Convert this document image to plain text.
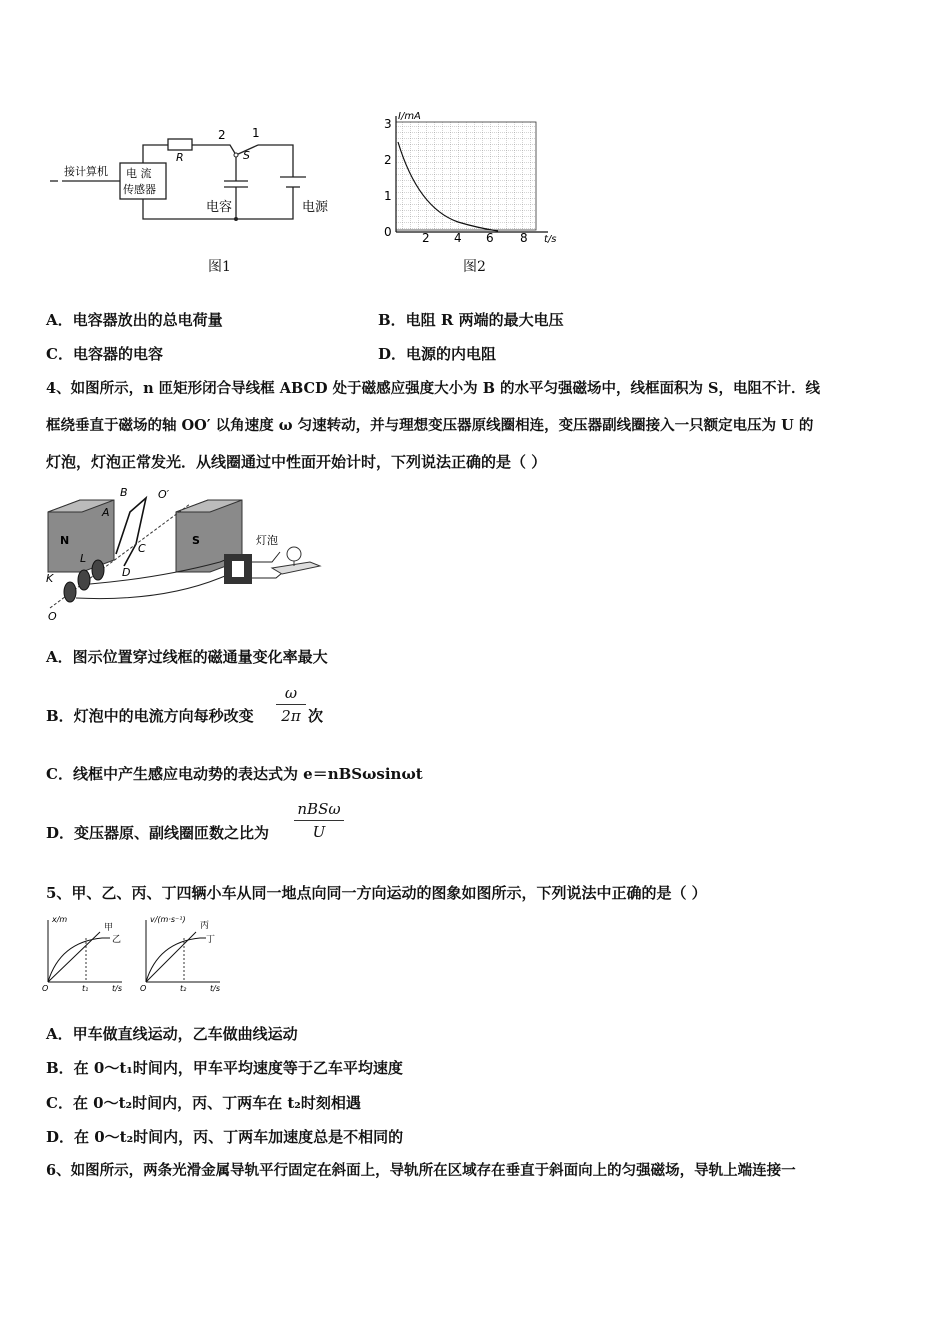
接计算机 电 流
传感器
R
2 1
S
电容	电源
图1
I/mA
t/s
3
2
1
0	2 4 6 8
图2
A．电容器放出的总电荷量	B．电阻 R 两端的最大电压
C．电容器的电容	D．电源的内电阻
4、如图所示，n 匝矩形闭合导线框 ABCD 处于磁感应强度大小为 B 的水平匀强磁场中，线框面积为 S，电阻不计．线
框绕垂直于磁场的轴 OO′ 以角速度 ω 匀速转动，并与理想变压器原线圈相连，变压器副线圈接入一只额定电压为 U 的
灯泡，灯泡正常发光．从线圈通过中性面开始计时，下列说法正确的是（ ）
B	O′
A
N	S
C
L
D
K
O
灯泡
A．图示位置穿过线框的磁通量变化率最大
B．灯泡中的电流方向每秒改变
ω
2π 次
C．线框中产生感应电动势的表达式为 e＝nBSωsinωt
D．变压器原、副线圈匝数之比为
nBSω
U
5、甲、乙、丙、丁四辆小车从同一地点向同一方向运动的图象如图所示，下列说法中正确的是（ ）
x/m
甲
乙
O	t₁	t/s
v/(m·s⁻¹)
丙
丁
O	t₂	t/s
A．甲车做直线运动，乙车做曲线运动
B．在 0～t₁时间内，甲车平均速度等于乙车平均速度
C．在 0～t₂时间内，丙、丁两车在 t₂时刻相遇
D．在 0～t₂时间内，丙、丁两车加速度总是不相同的
6、如图所示，两条光滑金属导轨平行固定在斜面上，导轨所在区域存在垂直于斜面向上的匀强磁场，导轨上端连接一
